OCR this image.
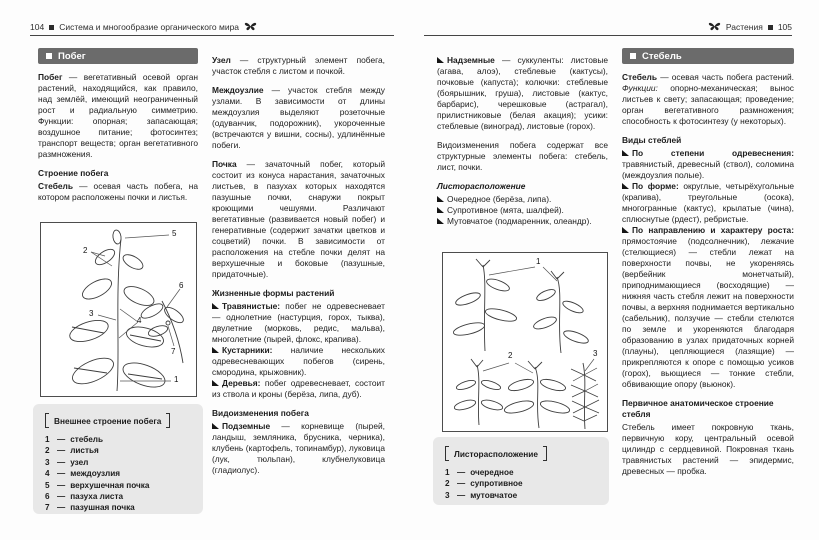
104 Система и многообразие органического мира	Растения 105
Побег

Побег — вегетативный осевой орган растений, находящийся, как правило, над землёй, имеющий неограниченный рост и радиальную симметрию. Функции: опорная; запасающая; воздушное питание; фотосинтез; транспорт веществ; орган вегетативного размножения.

Строение побега

Стебель — осевая часть побега, на котором расположены почки и листья.

5
2
3
4
6
7
1
Внешнее строение побега
1 — стебель
2 — листья
3 — узел
4 — междоузлия
5 — верхушечная почка
6 — пазуха листа
7 — пазушная почка

Узел — структурный элемент побега, участок стебля с листом и почкой.

Междоузлие — участок стебля между узлами. В зависимости от длины междоузлия выделяют розеточные (одуванчик, подорожник), укороченные (встречаются у вишни, сосны), удлинённые побеги.

Почка — зачаточный побег, который состоит из конуса нарастания, зачаточных листьев, в пазухах которых находятся пазушные почки, снаружи покрыт кроющими чешуями. Различают вегетативные (развивается новый побег) и генеративные (содержит зачатки цветков и соцветий) почки. В зависимости от расположения на стебле почки делят на верхушечные и боковые (пазушные, придаточные).

Жизненные формы растений

Травянистые: побег не одревесневает — однолетние (настурция, горох, тыква), двулетние (морковь, редис, мальва), многолетние (пырей, флокс, крапива).

Кустарники: наличие нескольких одревесневающих побегов (сирень, смородина, крыжовник).

Деревья: побег одревесневает, состоит из ствола и кроны (берёза, липа, дуб).

Видоизменения побега

Подземные — корневище (пырей, ландыш, земляника, брусника, черника), клубень (картофель, топинамбур), луковица (лук, тюльпан), клубнелуковица (гладиолус).

Надземные — суккуленты: листовые (агава, алоэ), стеблевые (кактусы), почковые (капуста); колючки: стеблевые (боярышник, груша), листовые (кактус, барбарис), черешковые (астрагал), прилистниковые (белая акация); усики: стеблевые (виноград), листовые (горох).

Видоизменения побега содержат все структурные элементы побега: стебель, лист, почки.

Листорасположение

Очередное (берёза, липа).

Супротивное (мята, шалфей).

Мутовчатое (подмаренник, олеандр).

1
2	3
Листорасположение
1 — очередное
2 — супротивное
3 — мутовчатое
Стебель

Стебель — осевая часть побега растений. Функции: опорно-механическая; вынос листьев к свету; запасающая; проведение; орган вегетативного размножения; способность к фотосинтезу (у некоторых).

Виды стеблей

По степени одревеснения: травянистый, древесный (ствол), соломина (междоузлия полые).

По форме: округлые, четырёхугольные (крапива), треугольные (осока), многогранные (кактус), крылатые (чина), сплюснутые (рдест), ребристые.

По направлению и характеру роста: прямостоячие (подсолнечник), лежачие (стелющиеся) — стебли лежат на поверхности почвы, не укореняясь (вербейник монетчатый), приподнимающиеся (восходящие) — нижняя часть стебля лежит на поверхности почвы, а верхняя поднимается вертикально (сабельник), ползучие — стебли стелются по земле и укореняются благодаря образованию в узлах придаточных корней (плауны), цепляющиеся (лазящие) — прикрепляются к опоре с помощью усиков (горох), вьющиеся — тонкие стебли, обвивающие опору (вьюнок).

Первичное анатомическое строение стебля

Стебель имеет покровную ткань, первичную кору, центральный осевой цилиндр с сердцевиной. Покровная ткань травянистых растений — эпидермис, древесных — пробка.
